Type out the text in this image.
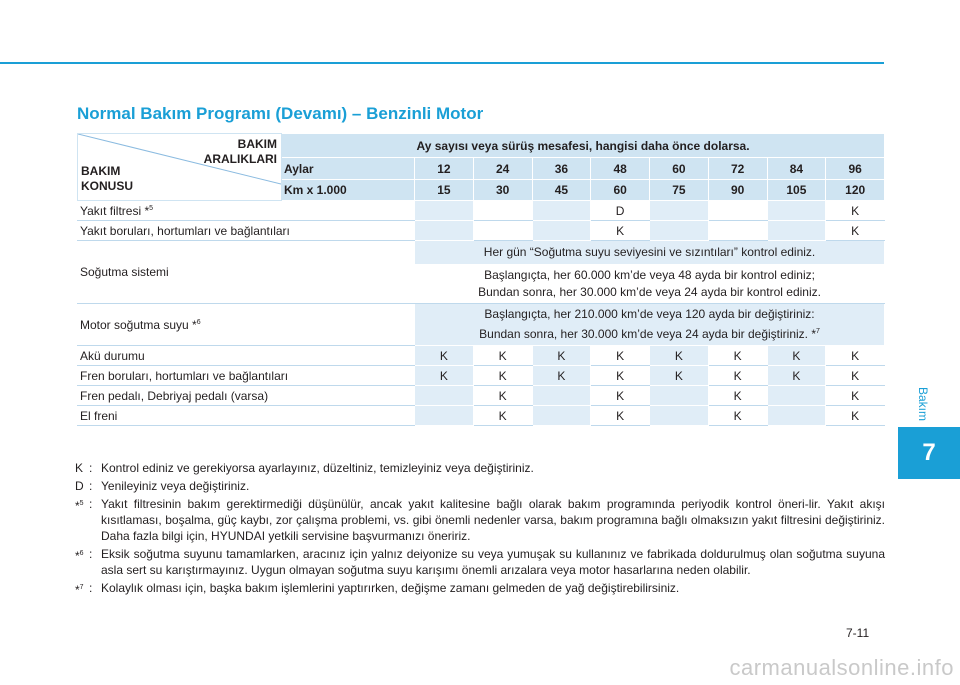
Normal Bakım Programı (Devamı) – Benzinli Motor
BAKIM
ARALIKLARI
BAKIM
KONUSU	Ay sayısı veya sürüş mesafesi, hangisi daha önce dolarsa.								
	Aylar	12	24	36	48	60	72	84	96
	Km x 1.000	15	30	45	60	75	90	105	120
Yakıt filtresi *$^5$					D				K
Yakıt boruları, hortumları ve bağlantıları					K				K
Soğutma sistemi		Her gün “Soğutma suyu seviyesini ve sızıntıları” kontrol ediniz.							

		Başlangıçta, her 60.000 km’de veya 48 ayda bir kontrol ediniz;
Bundan sonra, her 30.000 km’de veya 24 ayda bir kontrol ediniz.							

Motor soğutma suyu *$^6$		Başlangıçta, her 210.000 km’de veya 120 ayda bir değiştiriniz:
Bundan sonra, her 30.000 km’de veya 24 ayda bir değiştiriniz. *$^7$

Akü durumu		K	K	K	K	K	K	K	K
Fren boruları, hortumları ve bağlantıları		K	K	K	K	K	K	K	K
Fren pedalı, Debriyaj pedalı (varsa)			K		K		K		K
El freni			K		K		K		K
K : Kontrol ediniz ve gerekiyorsa ayarlayınız, düzeltiniz, temizleyiniz veya değiştiriniz.
D : Yenileyiniz veya değiştiriniz.
*$^5$ : Yakıt filtresinin bakım gerektirmediği düşünülür, ancak yakıt kalitesine bağlı olarak bakım programında periyodik kontrol öneri-lir. Yakıt akışı kısıtlaması, boşalma, güç kaybı, zor çalışma problemi, vs. gibi önemli nedenler varsa, bakım programına bağlı olmaksızın yakıt filtresini değiştiriniz. Daha fazla bilgi için, HYUNDAI yetkili servisine başvurmanızı öneririz.
*$^6$ : Eksik soğutma suyunu tamamlarken, aracınız için yalnız deiyonize su veya yumuşak su kullanınız ve fabrikada doldurulmuş olan soğutma suyuna asla sert su karıştırmayınız. Uygun olmayan soğutma suyu karışımı önemli arızalara veya motor hasarlarına neden olabilir.
*$^7$ : Kolaylık olması için, başka bakım işlemlerini yaptırırken, değişme zamanı gelmeden de yağ değiştirebilirsiniz.
Bakım
7
7-11
carmanualsonline.info
